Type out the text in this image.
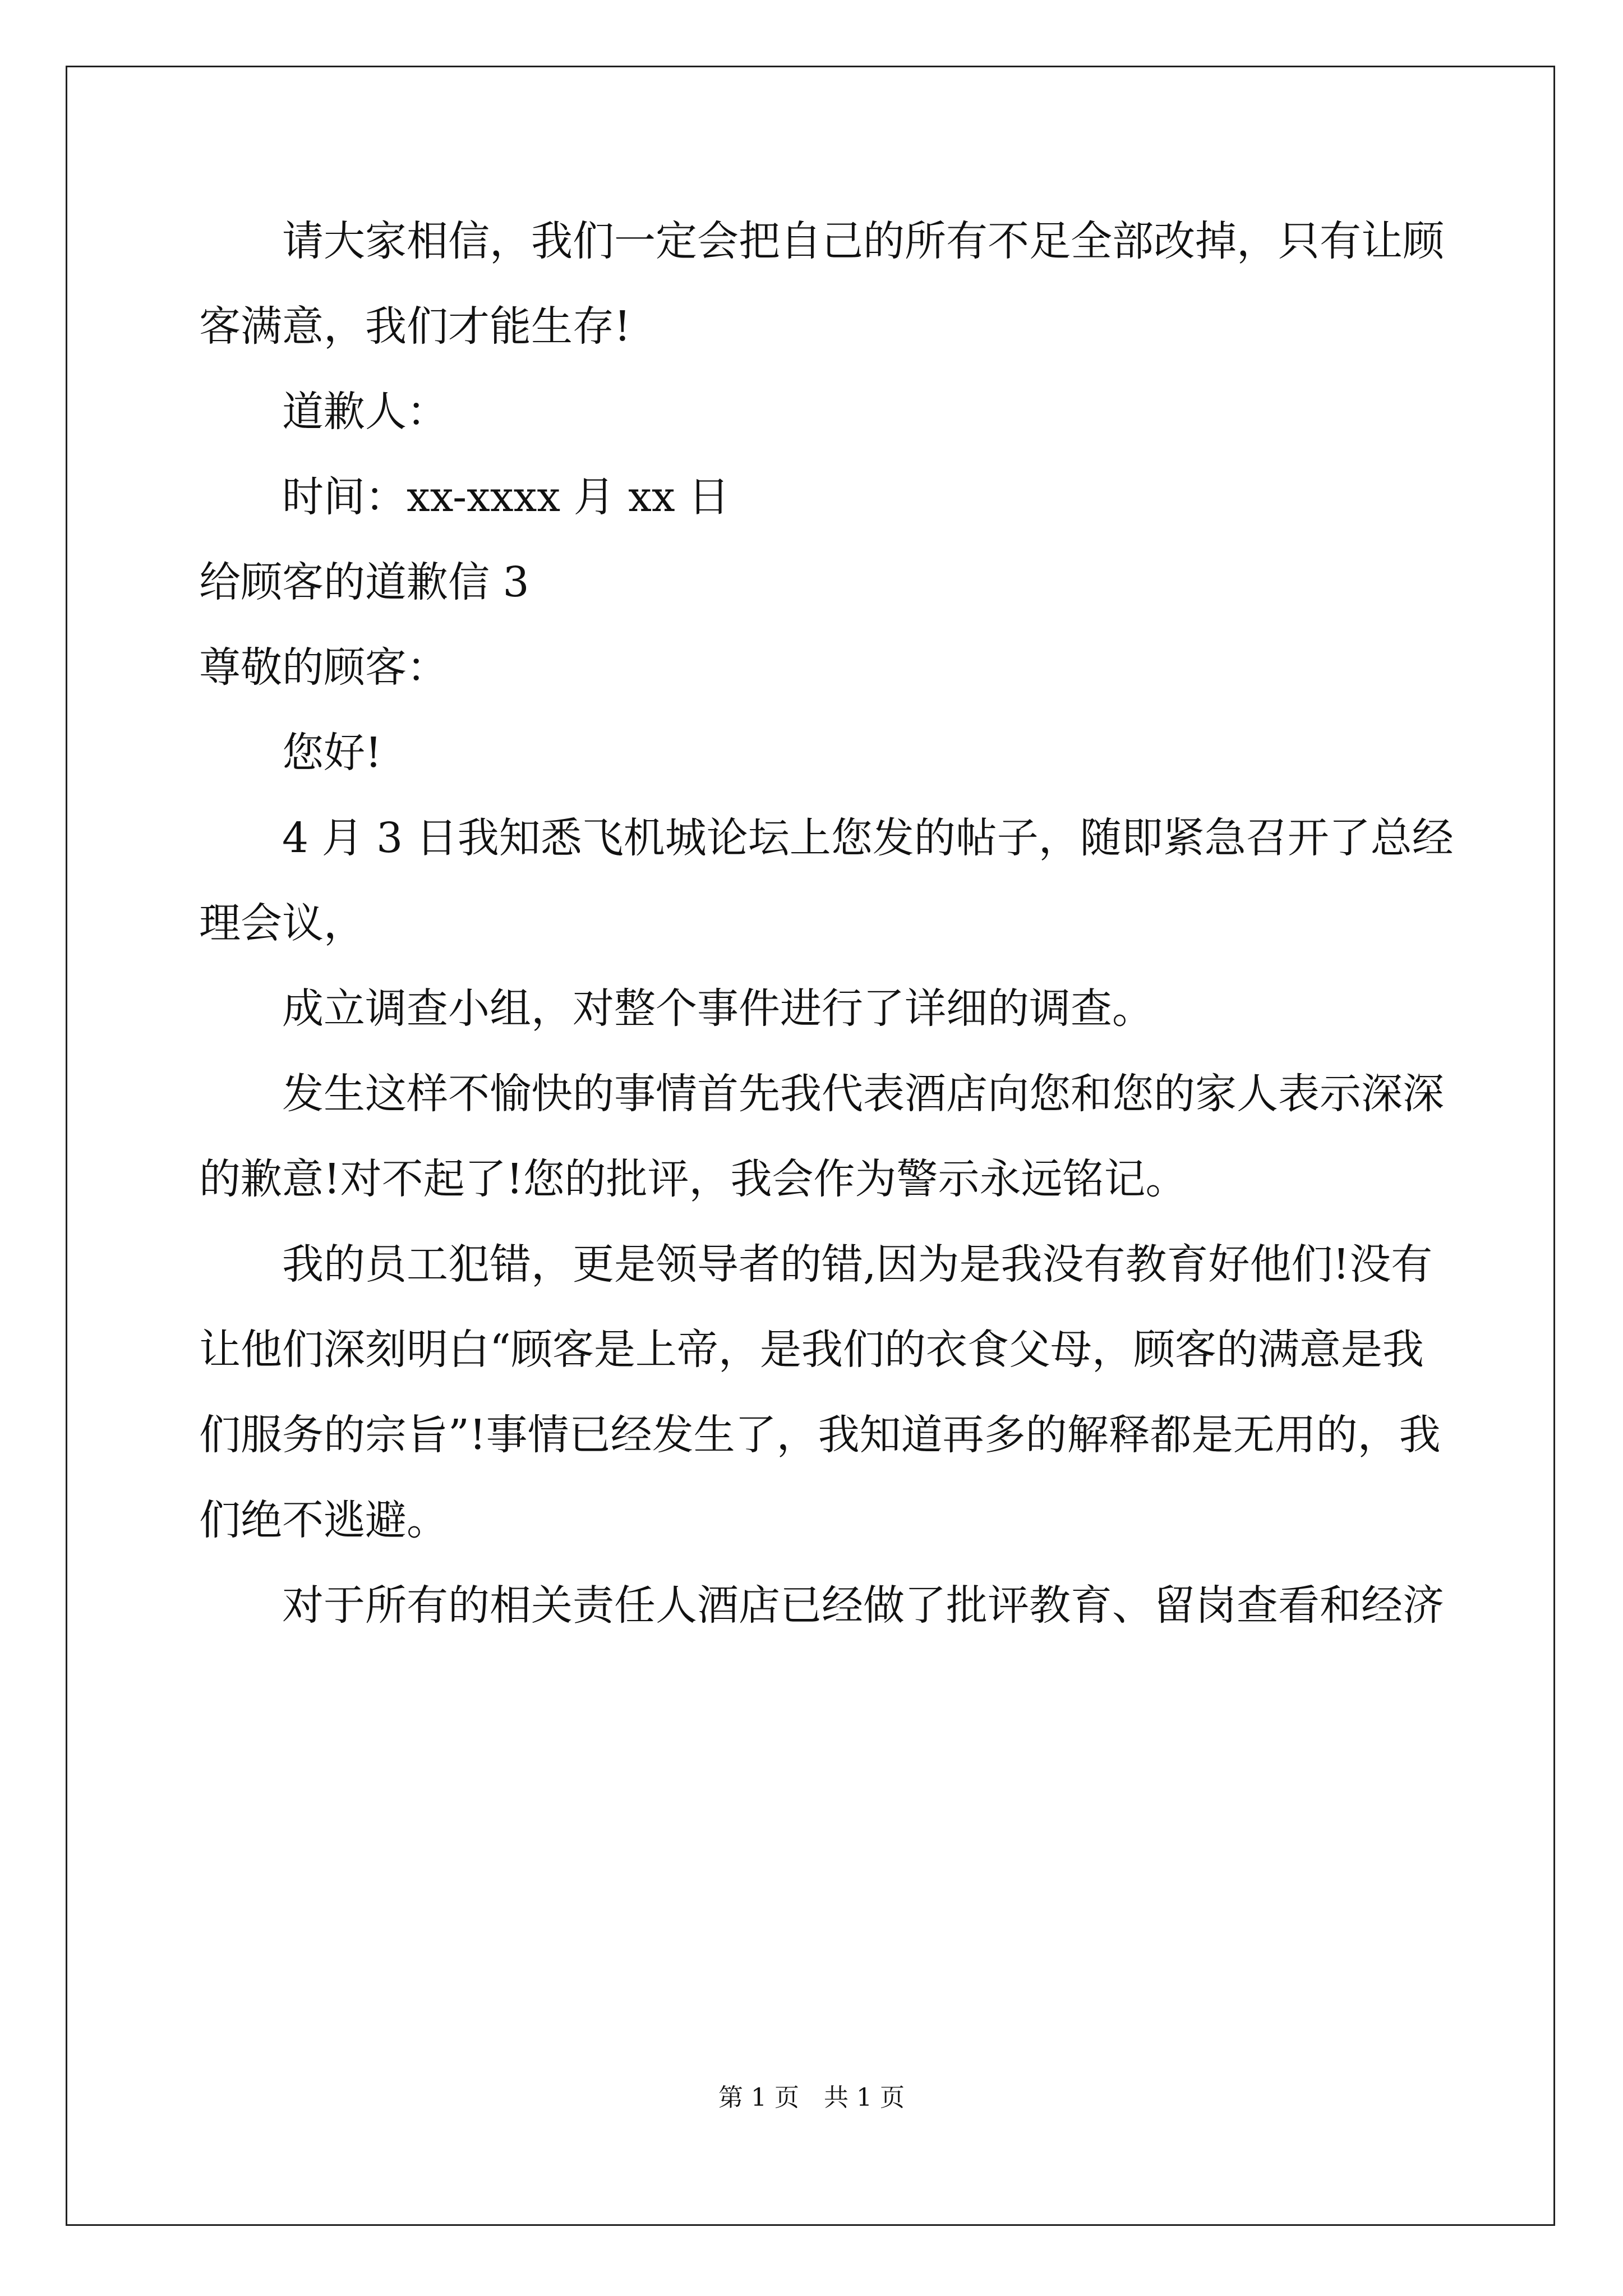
请大家相信，我们一定会把自己的所有不足全部改掉，只有让顾
客满意，我们才能生存!
道歉人：
时间：xx-xxxx 月 xx 日
给顾客的道歉信 3
尊敬的顾客：
您好!
4 月 3 日我知悉飞机城论坛上您发的帖子，随即紧急召开了总经
理会议，
成立调查小组，对整个事件进行了详细的调查。
发生这样不愉快的事情首先我代表酒店向您和您的家人表示深深
的歉意!对不起了!您的批评，我会作为警示永远铭记。
我的员工犯错，更是领导者的错,因为是我没有教育好他们!没有
让他们深刻明白“顾客是上帝，是我们的衣食父母，顾客的满意是我
们服务的宗旨”!事情已经发生了，我知道再多的解释都是无用的，我
们绝不逃避。
对于所有的相关责任人酒店已经做了批评教育、留岗查看和经济
第 1 页　共 1 页
